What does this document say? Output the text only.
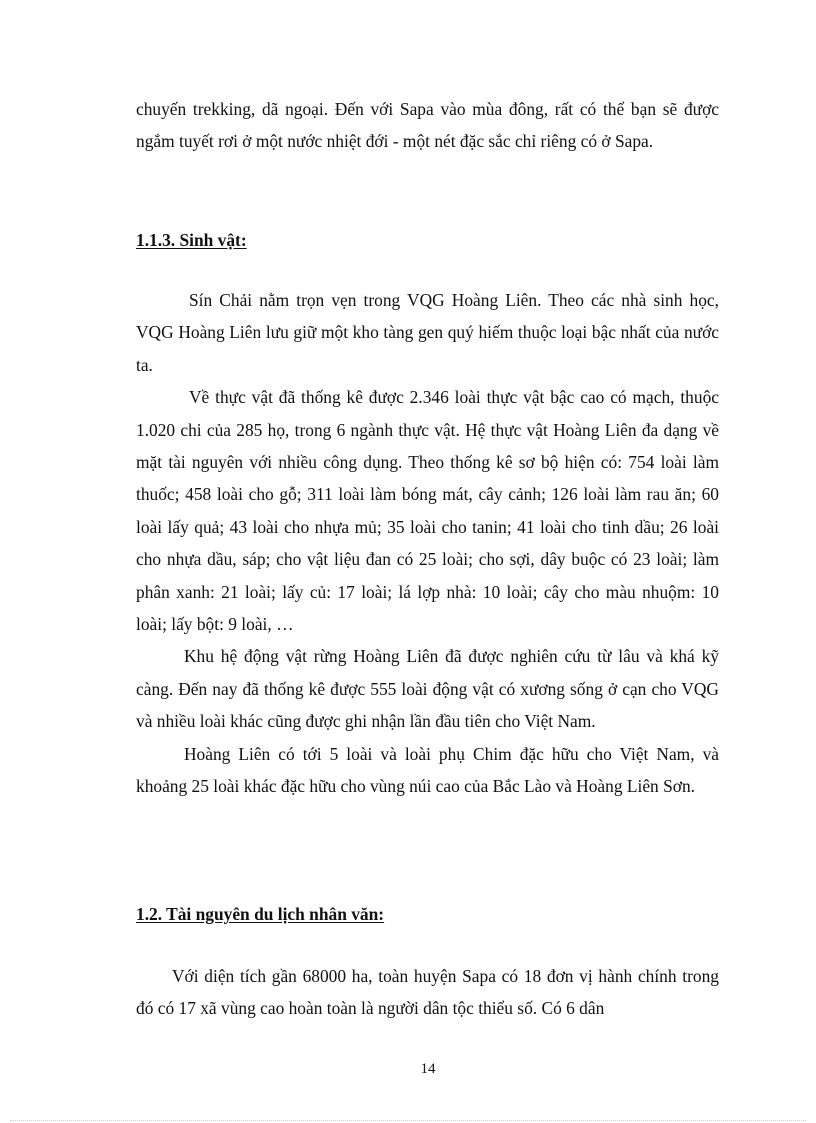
chuyến trekking, dã ngoại. Đến với Sapa vào mùa đông, rất có thể bạn sẽ được ngắm tuyết rơi ở một nước nhiệt đới - một nét đặc sắc chỉ riêng có ở Sapa.

1.1.3. Sinh vật:

Sín Chải nằm trọn vẹn trong VQG Hoàng Liên. Theo các nhà sinh học, VQG Hoàng Liên lưu giữ một kho tàng gen quý hiếm thuộc loại bậc nhất của nước ta.

Về thực vật đã thống kê được 2.346 loài thực vật bậc cao có mạch, thuộc 1.020 chi của 285 họ, trong 6 ngành thực vật. Hệ thực vật Hoàng Liên đa dạng về mặt tài nguyên với nhiều công dụng. Theo thống kê sơ bộ hiện có: 754 loài làm thuốc; 458 loài cho gỗ; 311 loài làm bóng mát, cây cảnh; 126 loài làm rau ăn; 60 loài lấy quả; 43 loài cho nhựa mủ; 35 loài cho tanin; 41 loài cho tinh dầu; 26 loài cho nhựa dầu, sáp; cho vật liệu đan có 25 loài; cho sợi, dây buộc có 23 loài; làm phân xanh: 21 loài; lấy củ: 17 loài; lá lợp nhà: 10 loài; cây cho màu nhuộm: 10 loài; lấy bột: 9 loài, …

Khu hệ động vật rừng Hoàng Liên đã được nghiên cứu từ lâu và khá kỹ càng. Đến nay đã thống kê được 555 loài động vật có xương sống ở cạn cho VQG và nhiều loài khác cũng được ghi nhận lần đầu tiên cho Việt Nam.

Hoàng Liên có tới 5 loài và loài phụ Chim đặc hữu cho Việt Nam, và khoảng 25 loài khác đặc hữu cho vùng núi cao của Bắc Lào và Hoàng Liên Sơn.

1.2. Tài nguyên du lịch nhân văn:

Với diện tích gần 68000 ha, toàn huyện Sapa có 18 đơn vị hành chính trong đó có 17 xã vùng cao hoàn toàn là người dân tộc thiểu số. Có 6 dân

14
